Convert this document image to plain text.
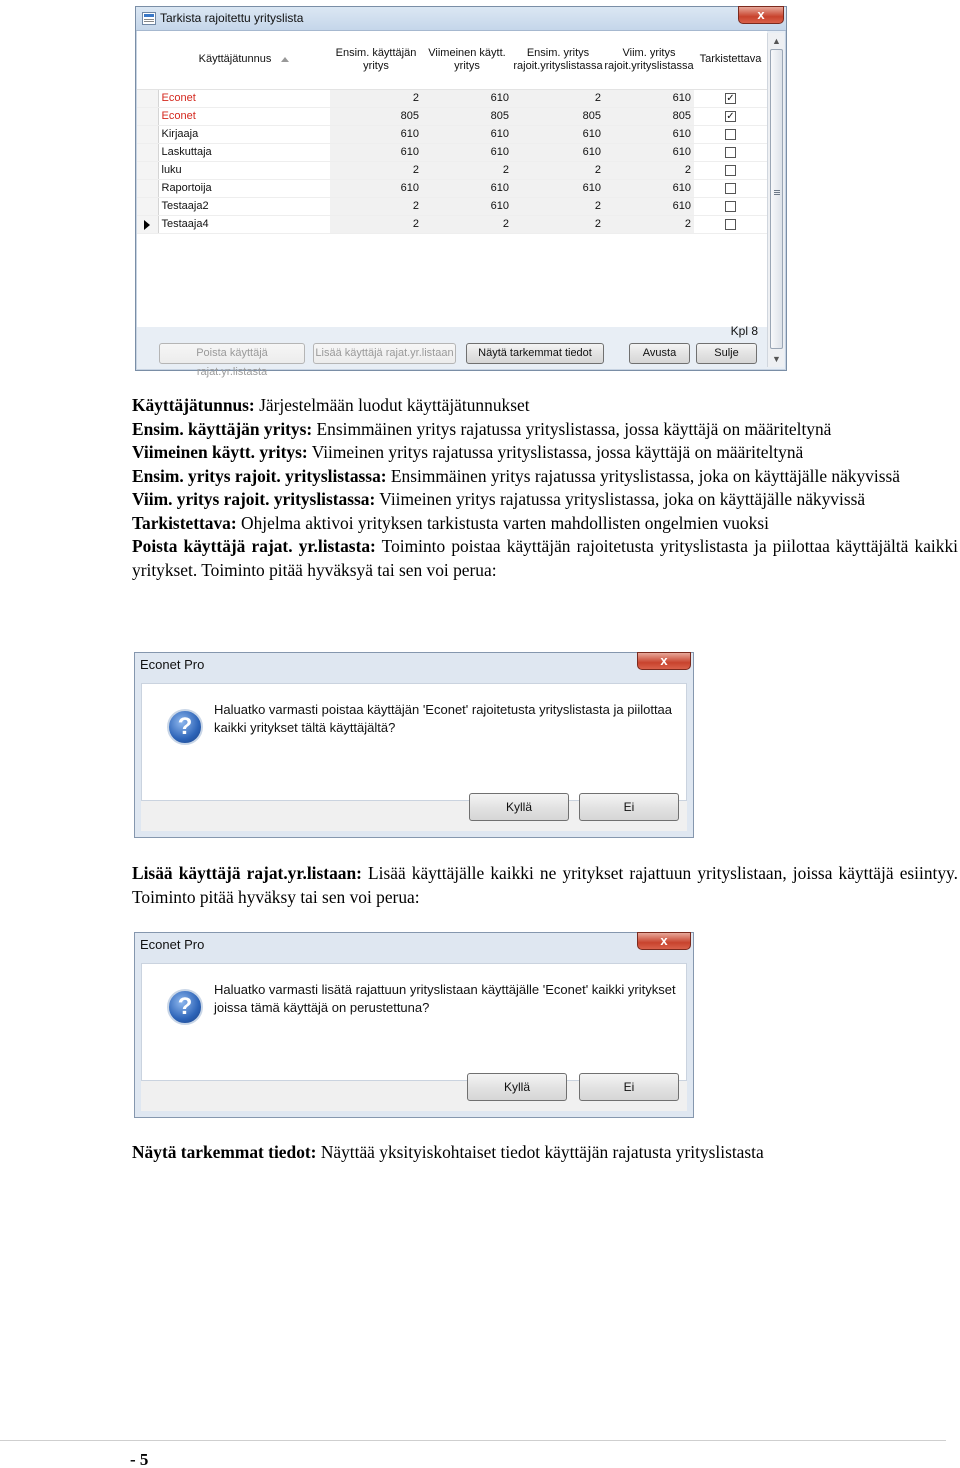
Tarkista rajoitettu yrityslista	x
	Käyttäjätunnus	Ensim. käyttäjän yritys	Viimeinen käytt. yritys	Ensim. yritys rajoit.yrityslistassa	Viim. yritys rajoit.yrityslistassa	Tarkistettava
	Econet	2	610	2	610	✓
	Econet	805	805	805	805	✓
	Kirjaaja	610	610	610	610	
	Laskuttaja	610	610	610	610	
	luku	2	2	2	2	
	Raportoija	610	610	610	610	
	Testaaja2	2	610	2	610	

	Testaaja4	2	2	2	2	
▲
▼
Kpl 8
Poista käyttäjä rajat.yr.listasta
Lisää käyttäjä rajat.yr.listaan	Näytä tarkemmat tiedot	Avusta	Sulje

Käyttäjätunnus: Järjestelmään luodut käyttäjätunnukset

Ensim. käyttäjän yritys: Ensimmäinen yritys rajatussa yrityslistassa, jossa käyttäjä on määriteltynä

Viimeinen käytt. yritys: Viimeinen yritys rajatussa yrityslistassa, jossa käyttäjä on määriteltynä

Ensim. yritys rajoit. yrityslistassa: Ensimmäinen yritys rajatussa yrityslistassa, joka on käyttäjälle näkyvissä

Viim. yritys rajoit. yrityslistassa: Viimeinen yritys rajatussa yrityslistassa, joka on käyttäjälle näkyvissä

Tarkistettava: Ohjelma aktivoi yrityksen tarkistusta varten mahdollisten ongelmien vuoksi

Poista käyttäjä rajat. yr.listasta: Toiminto poistaa käyttäjän rajoitetusta yrityslistasta ja piilottaa käyttäjältä kaikki yritykset. Toiminto pitää hyväksyä tai sen voi perua:

Econet Pro	x
?
Haluatko varmasti poistaa käyttäjän 'Econet' rajoitetusta yrityslistasta ja piilottaa kaikki yritykset tältä käyttäjältä?
Kyllä	Ei

Lisää käyttäjä rajat.yr.listaan: Lisää käyttäjälle kaikki ne yritykset rajattuun yrityslistaan, joissa käyttäjä esiintyy. Toiminto pitää hyväksy tai sen voi perua:

Econet Pro	x
?
Haluatko varmasti lisätä rajattuun yrityslistaan käyttäjälle 'Econet' kaikki yritykset joissa tämä käyttäjä on perustettuna?
Kyllä	Ei

Näytä tarkemmat tiedot: Näyttää yksityiskohtaiset tiedot käyttäjän rajatusta yrityslistasta

- 5
